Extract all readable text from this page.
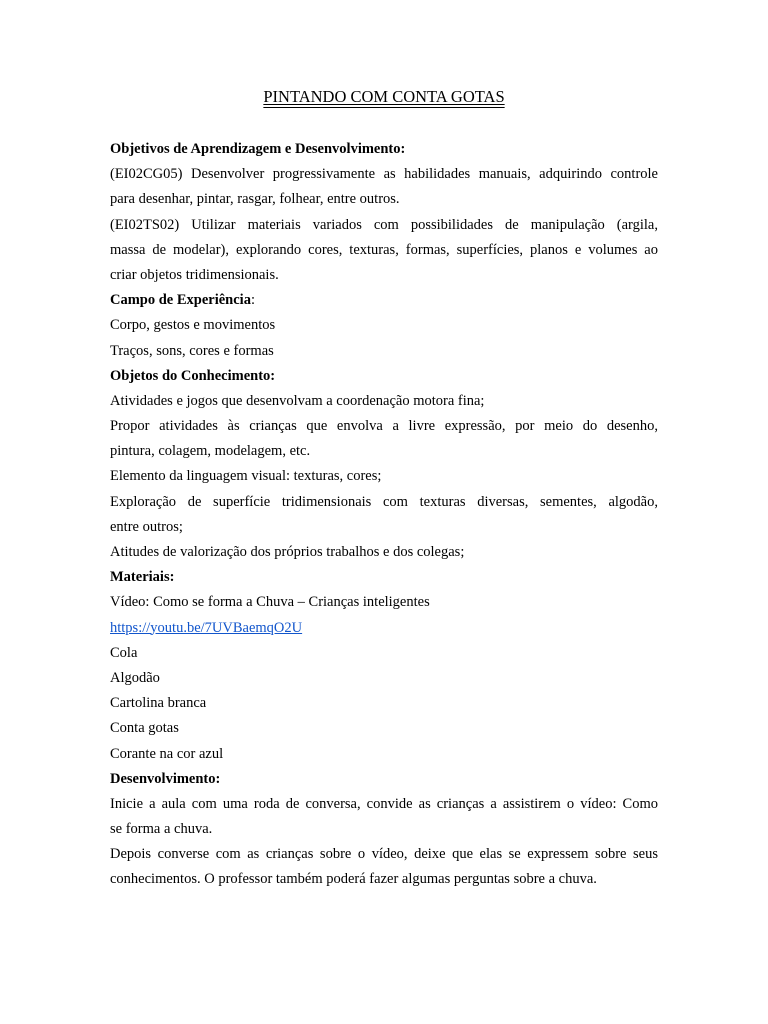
PINTANDO COM CONTA GOTAS
Objetivos de Aprendizagem e Desenvolvimento:
(EI02CG05) Desenvolver progressivamente as habilidades manuais, adquirindo controle
para desenhar, pintar, rasgar, folhear, entre outros.
(EI02TS02) Utilizar materiais variados com possibilidades de manipulação (argila,
massa de modelar), explorando cores, texturas, formas, superfícies, planos e volumes ao
criar objetos tridimensionais.
Campo de Experiência:
Corpo, gestos e movimentos
Traços, sons, cores e formas
Objetos do Conhecimento:
Atividades e jogos que desenvolvam a coordenação motora fina;
Propor atividades às crianças que envolva a livre expressão, por meio do desenho,
pintura, colagem, modelagem, etc.
Elemento da linguagem visual: texturas, cores;
Exploração de superfície tridimensionais com texturas diversas, sementes, algodão,
entre outros;
Atitudes de valorização dos próprios trabalhos e dos colegas;
Materiais:
Vídeo: Como se forma a Chuva – Crianças inteligentes
https://youtu.be/7UVBaemqO2U
Cola
Algodão
Cartolina branca
Conta gotas
Corante na cor azul
Desenvolvimento:
Inicie a aula com uma roda de conversa, convide as crianças a assistirem o vídeo: Como
se forma a chuva.
Depois converse com as crianças sobre o vídeo, deixe que elas se expressem sobre seus
conhecimentos. O professor também poderá fazer algumas perguntas sobre a chuva.
